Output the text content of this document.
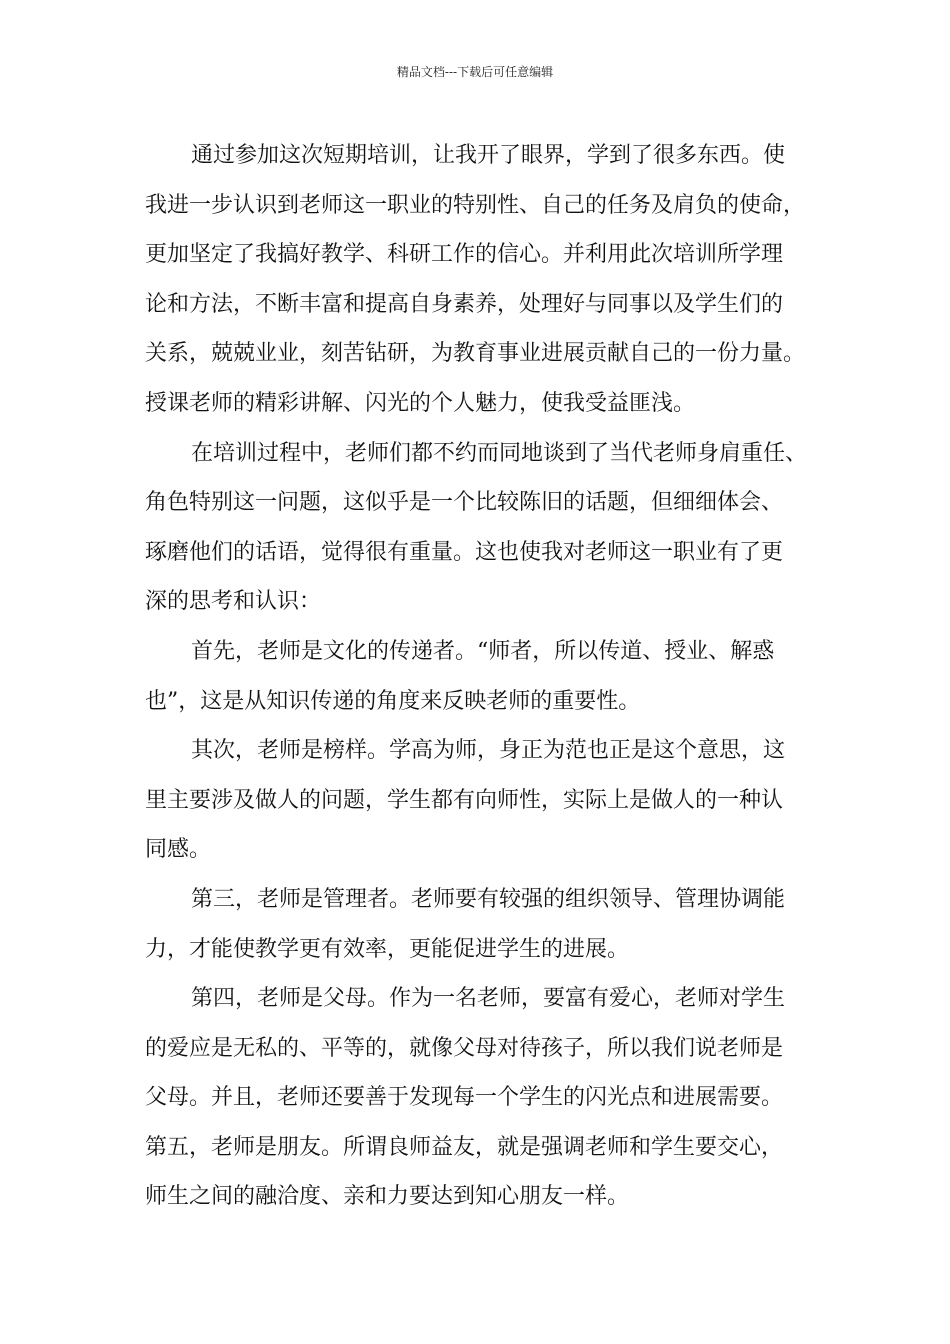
精品文档---下载后可任意编辑
通过参加这次短期培训，让我开了眼界，学到了很多东西。使
我进一步认识到老师这一职业的特别性、自己的任务及肩负的使命，
更加坚定了我搞好教学、科研工作的信心。并利用此次培训所学理
论和方法，不断丰富和提高自身素养，处理好与同事以及学生们的
关系，兢兢业业，刻苦钻研，为教育事业进展贡献自己的一份力量。
授课老师的精彩讲解、闪光的个人魅力，使我受益匪浅。
在培训过程中，老师们都不约而同地谈到了当代老师身肩重任、
角色特别这一问题，这似乎是一个比较陈旧的话题，但细细体会、
琢磨他们的话语，觉得很有重量。这也使我对老师这一职业有了更
深的思考和认识：
首先，老师是文化的传递者。“师者，所以传道、授业、解惑
也”，这是从知识传递的角度来反映老师的重要性。
其次，老师是榜样。学高为师，身正为范也正是这个意思，这
里主要涉及做人的问题，学生都有向师性，实际上是做人的一种认
同感。
第三，老师是管理者。老师要有较强的组织领导、管理协调能
力，才能使教学更有效率，更能促进学生的进展。
第四，老师是父母。作为一名老师，要富有爱心，老师对学生
的爱应是无私的、平等的，就像父母对待孩子，所以我们说老师是
父母。并且，老师还要善于发现每一个学生的闪光点和进展需要。
第五，老师是朋友。所谓良师益友，就是强调老师和学生要交心，
师生之间的融洽度、亲和力要达到知心朋友一样。
